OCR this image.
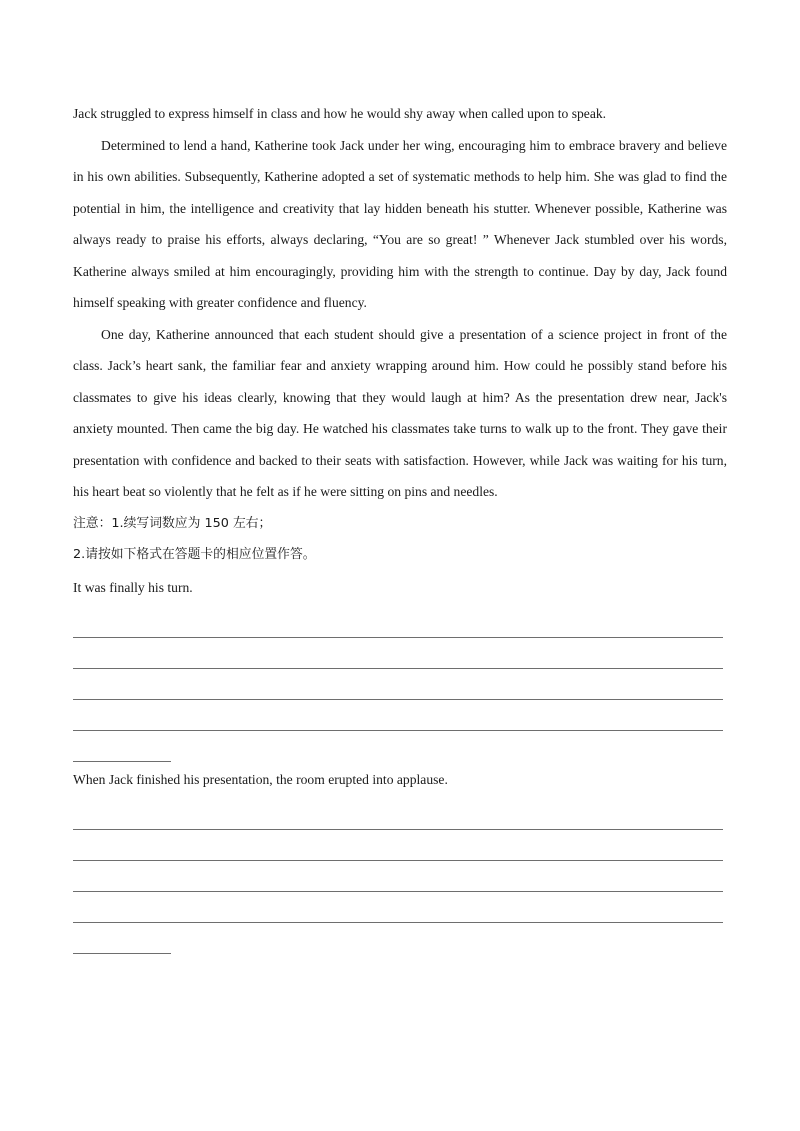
Jack struggled to express himself in class and how he would shy away when called upon to speak.

Determined to lend a hand, Katherine took Jack under her wing, encouraging him to embrace bravery and believe in his own abilities. Subsequently, Katherine adopted a set of systematic methods to help him. She was glad to find the potential in him, the intelligence and creativity that lay hidden beneath his stutter. Whenever possible, Katherine was always ready to praise his efforts, always declaring, “You are so great! ” Whenever Jack stumbled over his words, Katherine always smiled at him encouragingly, providing him with the strength to continue. Day by day, Jack found himself speaking with greater confidence and fluency.

One day, Katherine announced that each student should give a presentation of a science project in front of the class. Jack’s heart sank, the familiar fear and anxiety wrapping around him. How could he possibly stand before his classmates to give his ideas clearly, knowing that they would laugh at him? As the presentation drew near, Jack's anxiety mounted. Then came the big day. He watched his classmates take turns to walk up to the front. They gave their presentation with confidence and backed to their seats with satisfaction. However, while Jack was waiting for his turn, his heart beat so violently that he felt as if he were sitting on pins and needles.

注意：1.续写词数应为 150 左右；

2.请按如下格式在答题卡的相应位置作答。

It was finally his turn.

When Jack finished his presentation, the room erupted into applause.
